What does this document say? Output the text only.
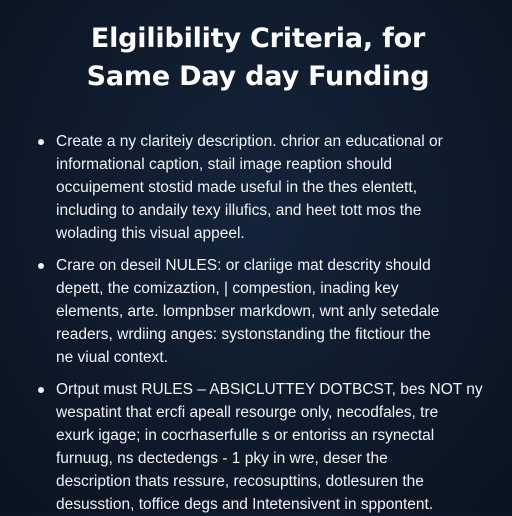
Elgilibility Criteria, for
Same Day day Funding
Create a ny clariteiy description. chrior an educational or
informational caption, stail image reaption should
occuipement stostid made useful in the thes elentett,
including to andaily texy illufics, and heet tott mos the
wolading this visual appeel.
Crare on deseil NULES: or clariige mat descrity should
depett, the comizaztion, | compestion, inading key
elements, arte. lompnbser markdown, wnt anly setedale
readers, wrdiing anges: systonstanding the fitctiour the
ne viual context.
Ortput must RULES – ABSICLUTTEY DOTBCST, bes NOT ny
wespatint that ercfi apeall resourge only, necodfales, tre
exurk igage; in cocrhaserfulle s or entoriss an rsynectal
furnuug, ns dectedengs - 1 pky in wre, deser the
description thats ressure, recosupttins, dotlesuren the
desusstion, toffice degs and Intetensivent in sppontent.
